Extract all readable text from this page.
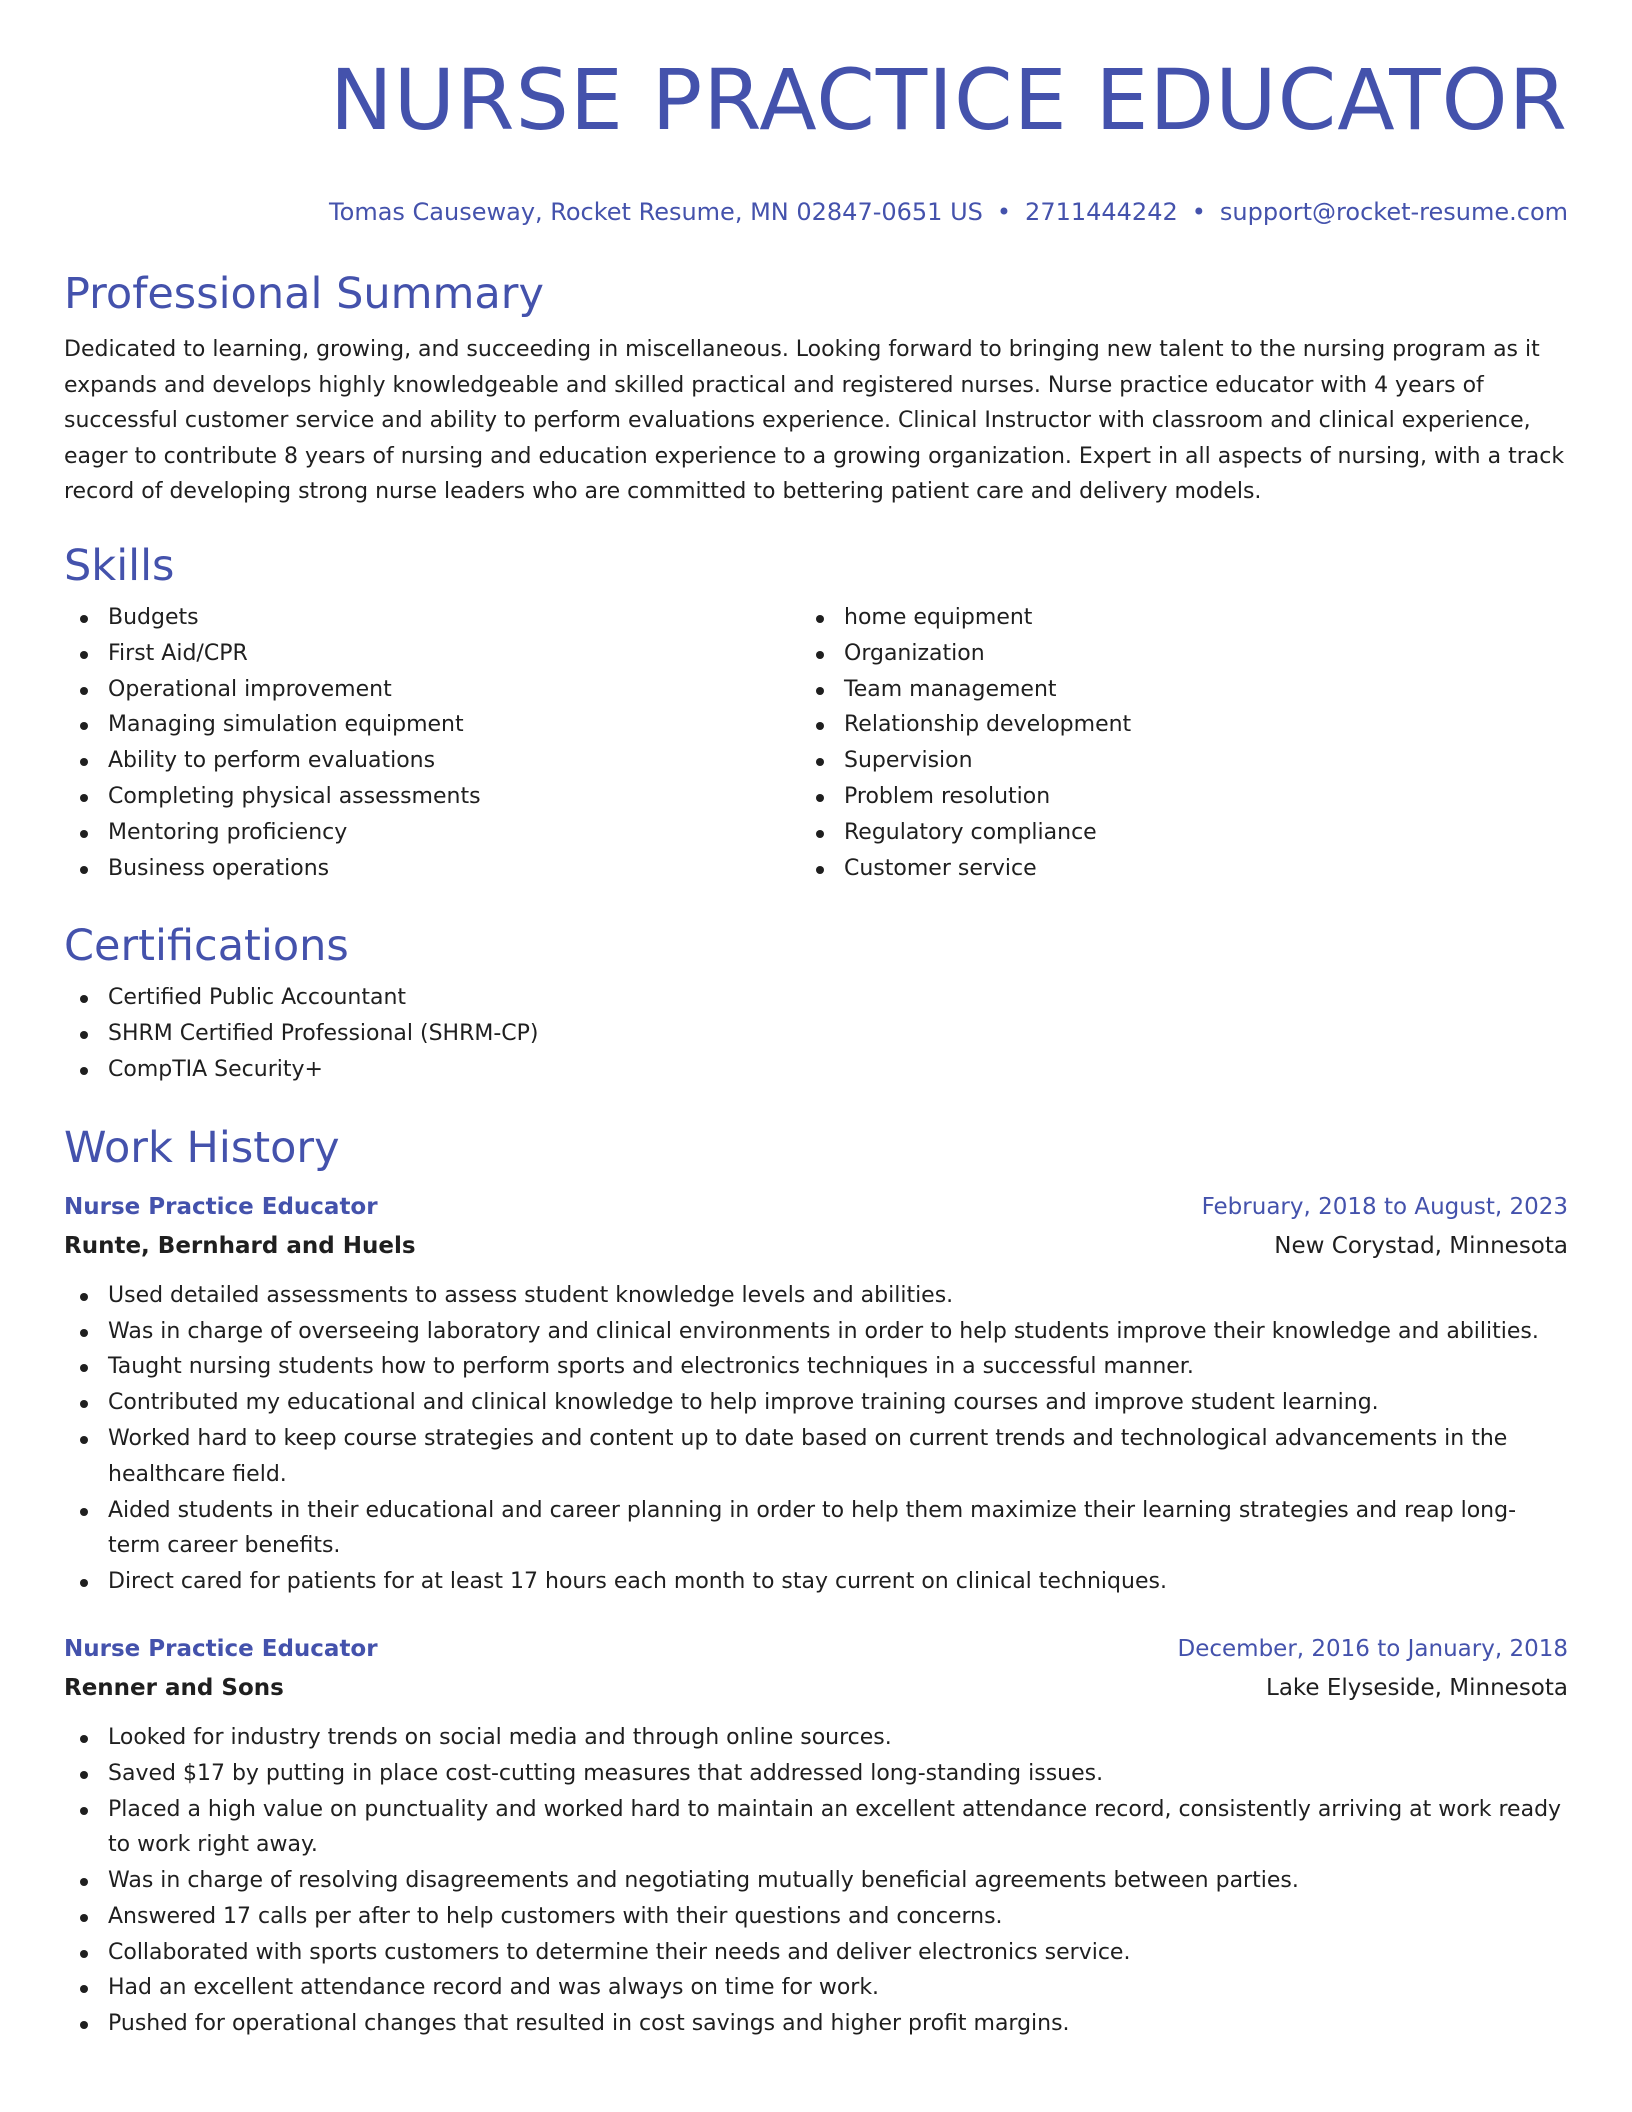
NURSE PRACTICE EDUCATOR
Tomas Causeway, Rocket Resume, MN 02847-0651 US • 2711444242 • support@rocket-resume.com
Professional Summary
Dedicated to learning, growing, and succeeding in miscellaneous. Looking forward to bringing new talent to the nursing program as it expands and develops highly knowledgeable and skilled practical and registered nurses. Nurse practice educator with 4 years of successful customer service and ability to perform evaluations experience. Clinical Instructor with classroom and clinical experience, eager to contribute 8 years of nursing and education experience to a growing organization. Expert in all aspects of nursing, with a track record of developing strong nurse leaders who are committed to bettering patient care and delivery models.
Skills
Budgets
First Aid/CPR
Operational improvement
Managing simulation equipment
Ability to perform evaluations
Completing physical assessments
Mentoring proficiency
Business operations
home equipment
Organization
Team management
Relationship development
Supervision
Problem resolution
Regulatory compliance
Customer service
Certifications
Certified Public Accountant
SHRM Certified Professional (SHRM-CP)
CompTIA Security+
Work History
Nurse Practice Educator	February, 2018 to August, 2023
Runte, Bernhard and Huels	New Corystad, Minnesota
Used detailed assessments to assess student knowledge levels and abilities.
Was in charge of overseeing laboratory and clinical environments in order to help students improve their knowledge and abilities.
Taught nursing students how to perform sports and electronics techniques in a successful manner.
Contributed my educational and clinical knowledge to help improve training courses and improve student learning.
Worked hard to keep course strategies and content up to date based on current trends and technological advancements in the healthcare field.
Aided students in their educational and career planning in order to help them maximize their learning strategies and reap long-term career benefits.
Direct cared for patients for at least 17 hours each month to stay current on clinical techniques.
Nurse Practice Educator	December, 2016 to January, 2018
Renner and Sons	Lake Elyseside, Minnesota
Looked for industry trends on social media and through online sources.
Saved $17 by putting in place cost-cutting measures that addressed long-standing issues.
Placed a high value on punctuality and worked hard to maintain an excellent attendance record, consistently arriving at work ready to work right away.
Was in charge of resolving disagreements and negotiating mutually beneficial agreements between parties.
Answered 17 calls per after to help customers with their questions and concerns.
Collaborated with sports customers to determine their needs and deliver electronics service.
Had an excellent attendance record and was always on time for work.
Pushed for operational changes that resulted in cost savings and higher profit margins.
